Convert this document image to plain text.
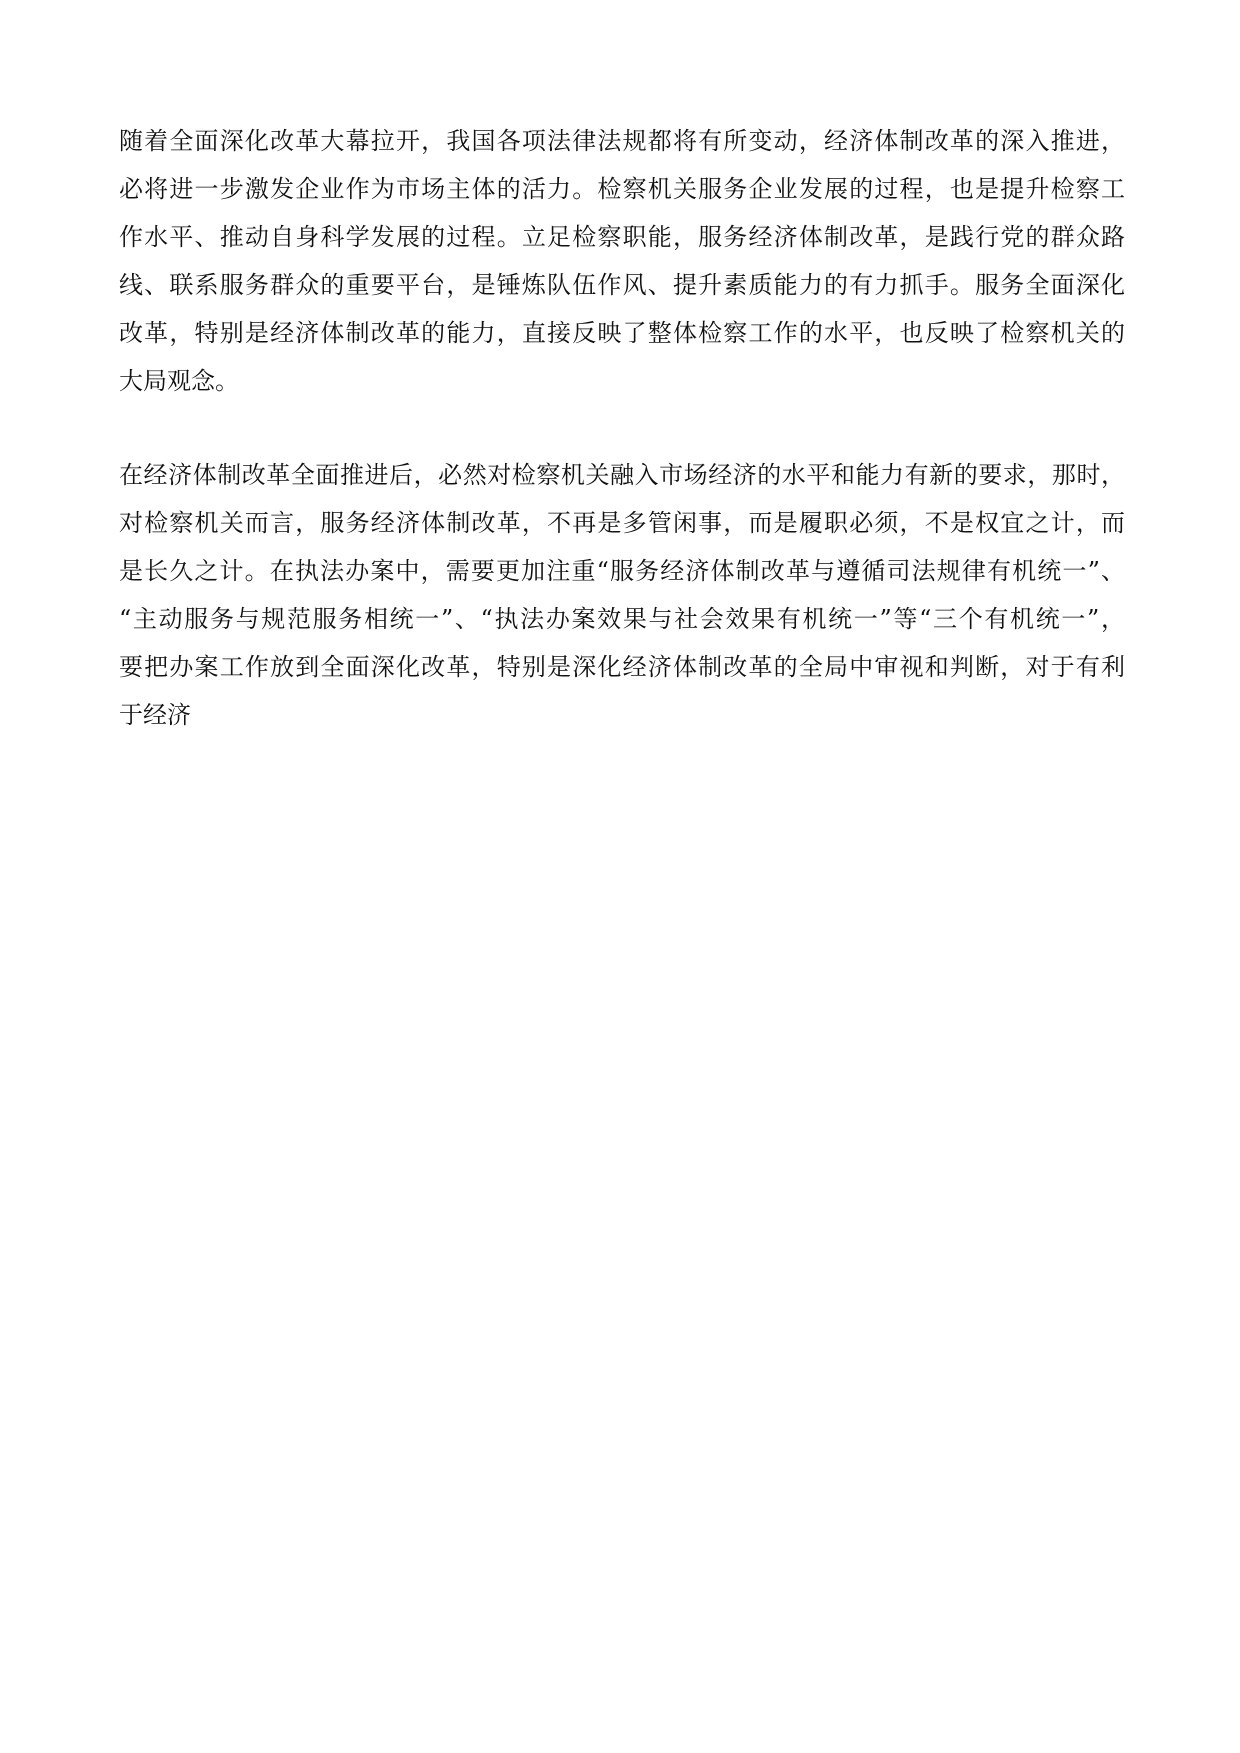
随着全面深化改革大幕拉开，我国各项法律法规都将有所变动，经济体制改革的深入推进，
必将进一步激发企业作为市场主体的活力。检察机关服务企业发展的过程，也是提升检察工
作水平、推动自身科学发展的过程。立足检察职能，服务经济体制改革，是践行党的群众路
线、联系服务群众的重要平台，是锤炼队伍作风、提升素质能力的有力抓手。服务全面深化
改革，特别是经济体制改革的能力，直接反映了整体检察工作的水平，也反映了检察机关的
大局观念。
在经济体制改革全面推进后，必然对检察机关融入市场经济的水平和能力有新的要求，那时，
对检察机关而言，服务经济体制改革，不再是多管闲事，而是履职必须，不是权宜之计，而
是长久之计。在执法办案中，需要更加注重“服务经济体制改革与遵循司法规律有机统一”、
“主动服务与规范服务相统一”、“执法办案效果与社会效果有机统一”等“三个有机统一”，
要把办案工作放到全面深化改革，特别是深化经济体制改革的全局中审视和判断，对于有利
于经济
